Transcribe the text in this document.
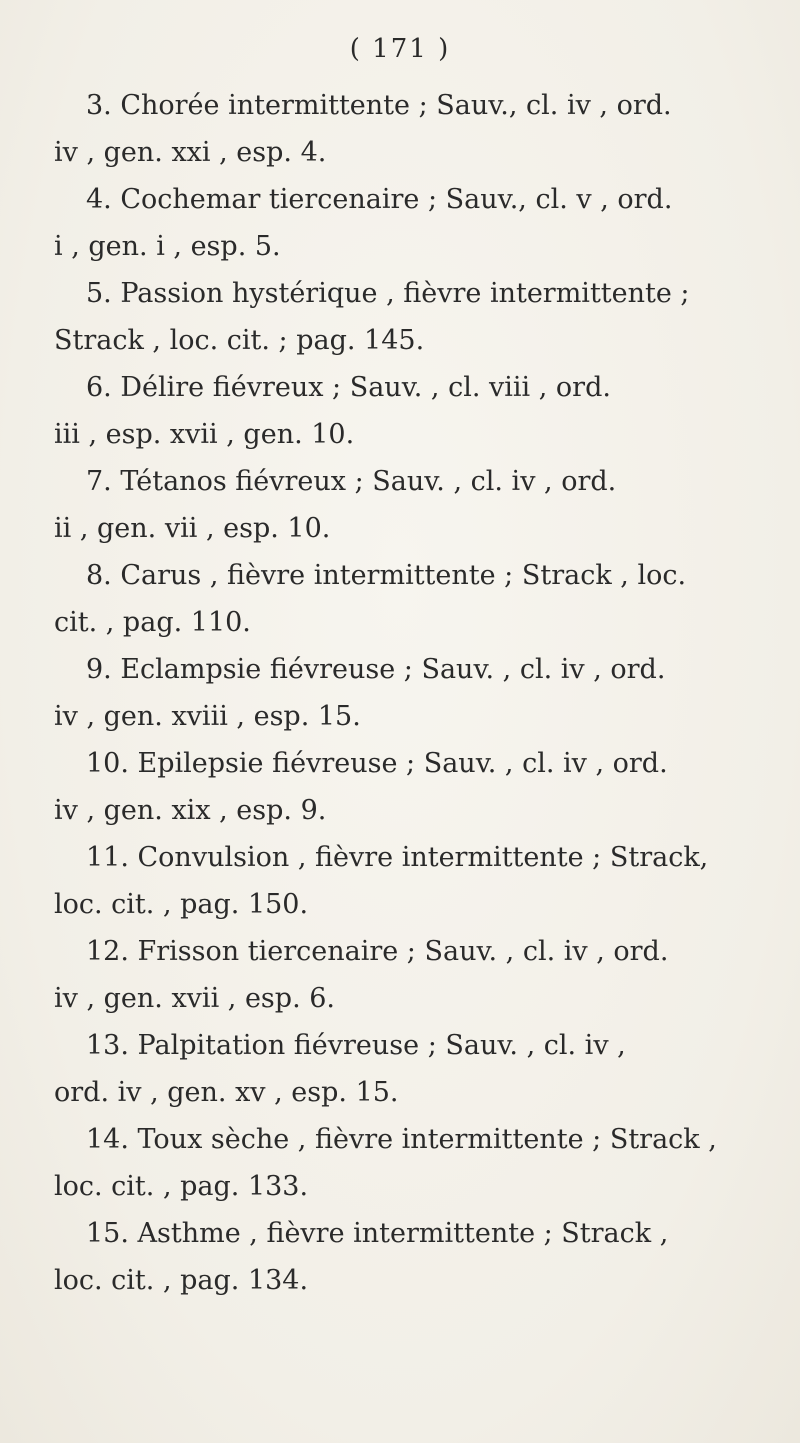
( 171 )
3. Chorée intermittente ; Sauv., cl. iv , ord.
iv , gen. xxi , esp. 4.
4. Cochemar tiercenaire ; Sauv., cl. v , ord.
i , gen. i , esp. 5.
5. Passion hystérique , fièvre intermittente ;
Strack , loc. cit. ; pag. 145.
6. Délire fiévreux ; Sauv. , cl. viii , ord.
iii , esp. xvii , gen. 10.
7. Tétanos fiévreux ; Sauv. , cl. iv , ord.
ii , gen. vii , esp. 10.
8. Carus , fièvre intermittente ; Strack , loc.
cit. , pag. 110.
9. Eclampsie fiévreuse ; Sauv. , cl. iv , ord.
iv , gen. xviii , esp. 15.
10. Epilepsie fiévreuse ; Sauv. , cl. iv , ord.
iv , gen. xix , esp. 9.
11. Convulsion , fièvre intermittente ; Strack,
loc. cit. , pag. 150.
12. Frisson tiercenaire ; Sauv. , cl. iv , ord.
iv , gen. xvii , esp. 6.
13. Palpitation fiévreuse ; Sauv. , cl. iv ,
ord. iv , gen. xv , esp. 15.
14. Toux sèche , fièvre intermittente ; Strack ,
loc. cit. , pag. 133.
15. Asthme , fièvre intermittente ; Strack ,
loc. cit. , pag. 134.
